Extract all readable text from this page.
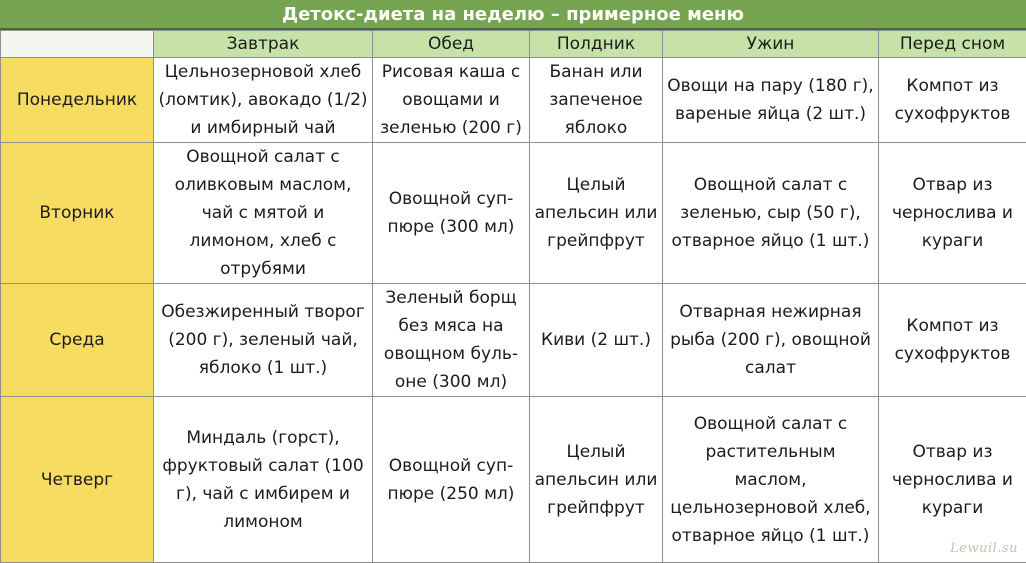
Детокс-диета на неделю – примерное меню
	Завтрак	Обед	Полдник	Ужин	Перед сном
Понедельник	Цельнозерновой хлеб (ломтик), авокадо (1/2) и имбирный чай	Рисовая каша с овощами и зеленью (200 г)	Банан или запеченое яблоко	Овощи на пару (180 г), вареные яйца (2 шт.)	Компот из сухофруктов
Вторник	Овощной салат с оливковым маслом, чай с мятой и лимоном, хлеб с отрубями	Овощной суп-пюре (300 мл)	Целый апельсин или грейпфрут	Овощной салат с зеленью, сыр (50 г), отварное яйцо (1 шт.)	Отвар из чернослива и кураги
Среда	Обезжиренный творог (200 г), зеленый чай, яблоко (1 шт.)	Зеленый борщ без мяса на овощном буль-оне (300 мл)	Киви (2 шт.)	Отварная нежирная рыба (200 г), овощной салат	Компот из сухофруктов
Четверг	Миндаль (горст), фруктовый салат (100 г), чай с имбирем и лимоном	Овощной суп-пюре (250 мл)	Целый апельсин или грейпфрут	Овощной салат с растительным маслом, цельнозерновой хлеб, отварное яйцо (1 шт.)	Отвар из чернослива и кураги
Lewuil.su
